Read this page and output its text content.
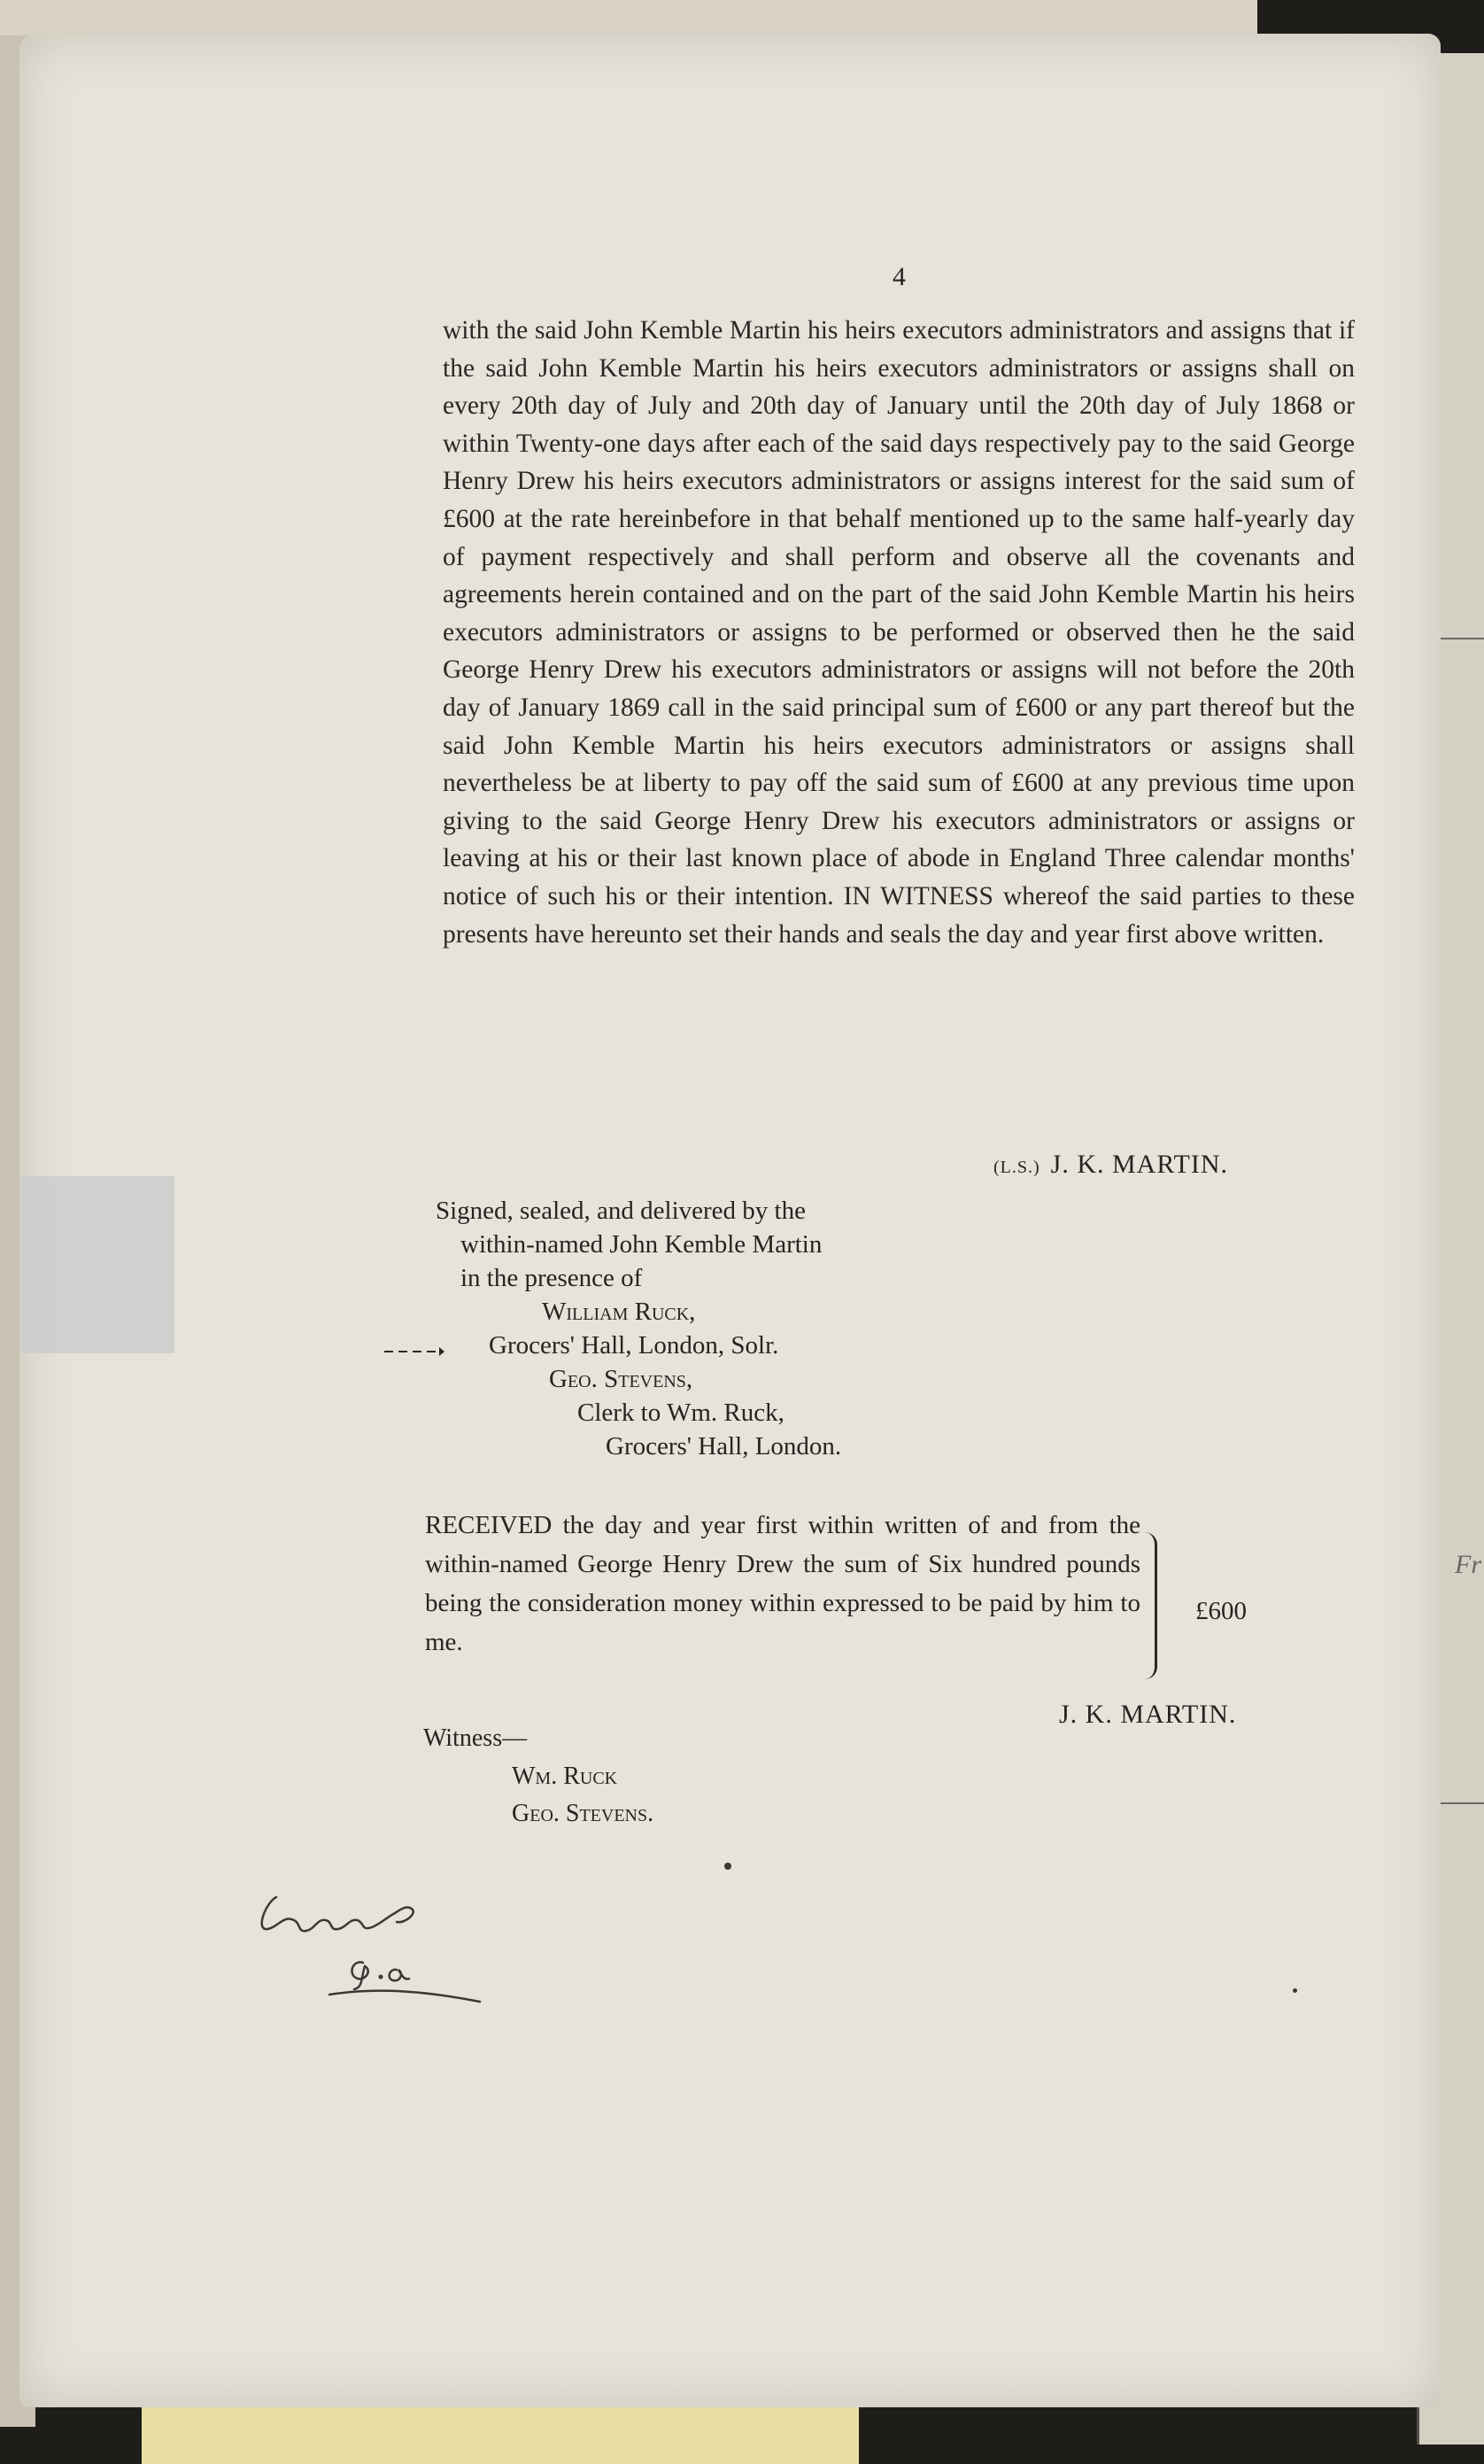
Fr
4
with the said John Kemble Martin his heirs executors administrators and assigns that if the said John Kemble Martin his heirs executors administrators or assigns shall on every 20th day of July and 20th day of January until the 20th day of July 1868 or within Twenty-one days after each of the said days respectively pay to the said George Henry Drew his heirs executors administrators or assigns interest for the said sum of £600 at the rate hereinbefore in that behalf mentioned up to the same half-yearly day of payment respectively and shall perform and observe all the covenants and agreements herein contained and on the part of the said John Kemble Martin his heirs executors administrators or assigns to be performed or observed then he the said George Henry Drew his executors administrators or assigns will not before the 20th day of January 1869 call in the said principal sum of £600 or any part thereof but the said John Kemble Martin his heirs executors administrators or assigns shall nevertheless be at liberty to pay off the said sum of £600 at any previous time upon giving to the said George Henry Drew his executors administrators or assigns or leaving at his or their last known place of abode in England Three calendar months' notice of such his or their intention. IN WITNESS whereof the said parties to these presents have hereunto set their hands and seals the day and year first above written.
(L.S.) J. K. MARTIN.
Signed, sealed, and delivered by the
within-named John Kemble Martin
in the presence of
William Ruck,
Grocers' Hall, London, Solr.
Geo. Stevens,
Clerk to Wm. Ruck,
Grocers' Hall, London.
RECEIVED the day and year first within written of and from the within-named George Henry Drew the sum of Six hundred pounds being the consideration money within expressed to be paid by him to me.
£600
J. K. MARTIN.
Witness—
Wm. Ruck
Geo. Stevens.
Exam'd G.A
